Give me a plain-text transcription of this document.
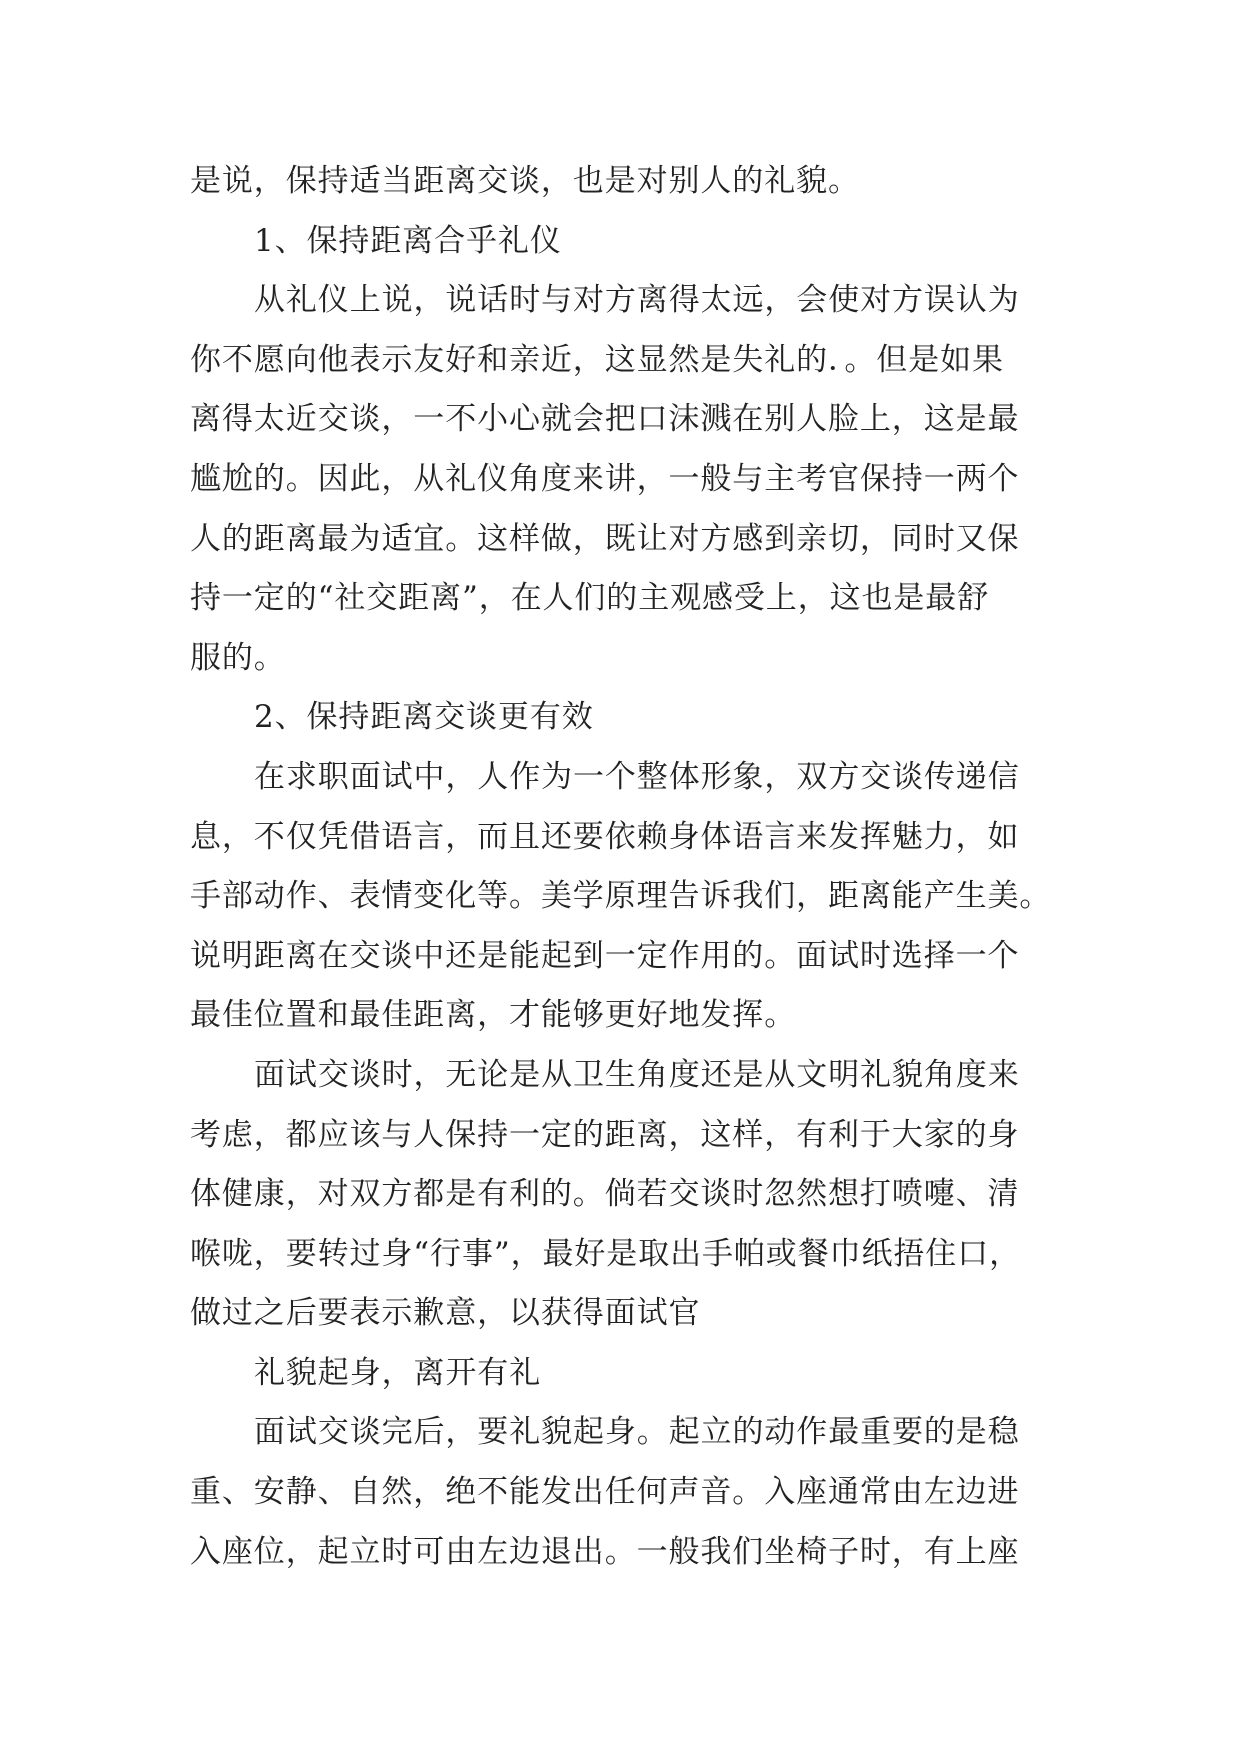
是说，保持适当距离交谈，也是对别人的礼貌。
1、保持距离合乎礼仪
从礼仪上说，说话时与对方离得太远，会使对方误认为
你不愿向他表示友好和亲近，这显然是失礼的．。但是如果
离得太近交谈，一不小心就会把口沫溅在别人脸上，这是最
尴尬的。因此，从礼仪角度来讲，一般与主考官保持一两个
人的距离最为适宜。这样做，既让对方感到亲切，同时又保
持一定的“社交距离”，在人们的主观感受上，这也是最舒
服的。
2、保持距离交谈更有效
在求职面试中，人作为一个整体形象，双方交谈传递信
息，不仅凭借语言，而且还要依赖身体语言来发挥魅力，如
手部动作、表情变化等。美学原理告诉我们，距离能产生美。
说明距离在交谈中还是能起到一定作用的。面试时选择一个
最佳位置和最佳距离，才能够更好地发挥。
面试交谈时，无论是从卫生角度还是从文明礼貌角度来
考虑，都应该与人保持一定的距离，这样，有利于大家的身
体健康，对双方都是有利的。倘若交谈时忽然想打喷嚏、清
喉咙，要转过身“行事”，最好是取出手帕或餐巾纸捂住口，
做过之后要表示歉意，以获得面试官
礼貌起身，离开有礼
面试交谈完后，要礼貌起身。起立的动作最重要的是稳
重、安静、自然，绝不能发出任何声音。入座通常由左边进
入座位，起立时可由左边退出。一般我们坐椅子时，有上座
